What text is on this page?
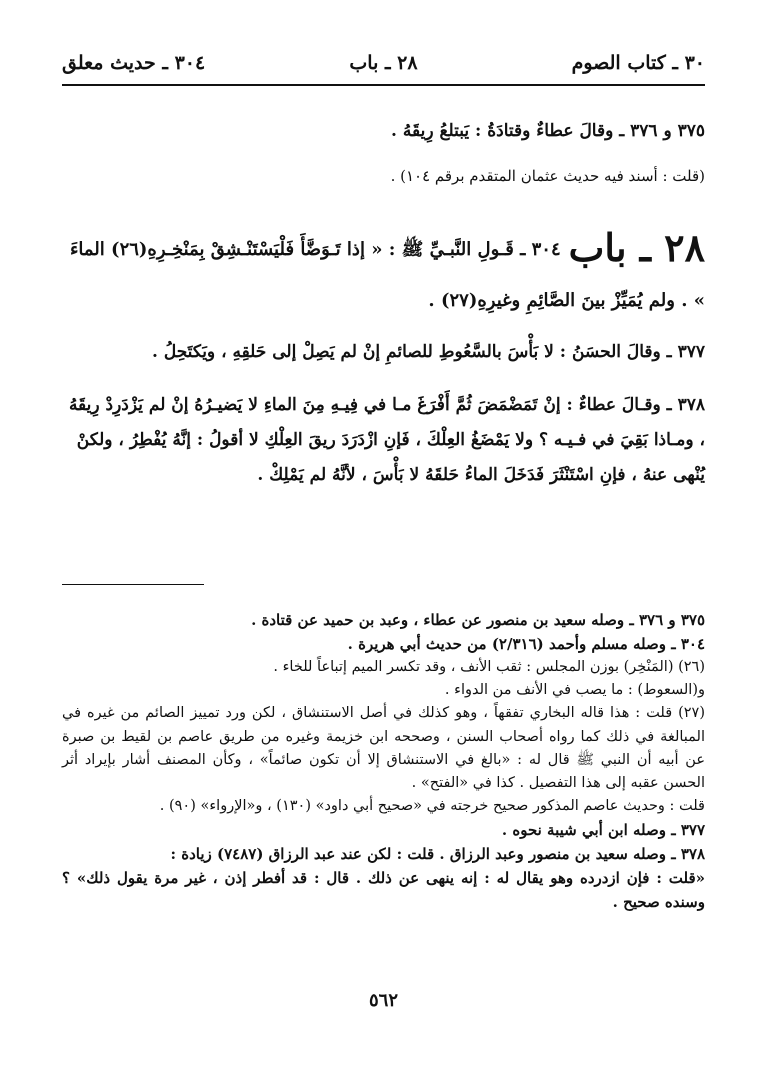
٣٠ ـ كتاب الصوم
٢٨ ـ باب
٣٠٤ ـ حديث معلق

٣٧٥ و ٣٧٦ ـ وقالَ عطاءٌ وقتادَةُ : يَبتلعُ رِيقَهُ .

(قلت : أسند فيه حديث عثمان المتقدم برقم ١٠٤) .

٢٨ ـ باب٣٠٤ ـ قَـولِ النَّبـيِّ ﷺ : « إذا تَـوَضَّأَ فَلْيَسْتَنْـشِقْ بِمَنْخِـرِهِ(٢٦) الماءَ » . ولم يُمَيِّزْ بينَ الصَّائِمِ وغيرِهِ(٢٧) .

٣٧٧ ـ وقالَ الحسَنُ : لا بَأْسَ بالسَّعُوطِ للصائمِ إنْ لم يَصِلْ إلى حَلقِهِ ، ويَكتَحِلُ .

٣٧٨ ـ وقـالَ عطاءٌ : إنْ تَمَضْمَضَ ثُمَّ أَفْرَغَ مـا في فِيـهِ مِنَ الماءِ لا يَضيـرُهُ إنْ لم يَزْدَرِدْ رِيقَهُ ، ومـاذا بَقِيَ في فـيـه ؟ ولا يَمْضَغُ العِلْكَ ، فَإنِ ازْدَرَدَ ريقَ العِلْكِ لا أقولُ : إنَّهُ يُفْطِرُ ، ولكنْ يُنْهى عنهُ ، فإنِ اسْتَنْثَرَ فَدَخَلَ الماءُ حَلقَهُ لا بَأْسَ ، لأنَّهُ لم يَمْلِكْ .

٣٧٥ و ٣٧٦ ـ وصله سعيد بن منصور عن عطاء ، وعبد بن حميد عن قتادة .

٣٠٤ ـ وصله مسلم وأحمد (٢/٣١٦) من حديث أبي هريرة .

(٢٦) (المَنْخِر) بوزن المجلس : ثقب الأنف ، وقد تكسر الميم إتباعاً للخاء .

و(السعوط) : ما يصب في الأنف من الدواء .

(٢٧) قلت : هذا قاله البخاري تفقهاً ، وهو كذلك في أصل الاستنشاق ، لكن ورد تمييز الصائم من غيره في المبالغة في ذلك كما رواه أصحاب السنن ، وصححه ابن خزيمة وغيره من طريق عاصم بن لقيط بن صبرة عن أبيه أن النبي ﷺ قال له : «بالغ في الاستنشاق إلا أن تكون صائماً» ، وكأن المصنف أشار بإيراد أثر الحسن عقبه إلى هذا التفصيل . كذا في «الفتح» .

قلت : وحديث عاصم المذكور صحيح خرجته في «صحيح أبي داود» (١٣٠) ، و«الإرواء» (٩٠) .

٣٧٧ ـ وصله ابن أبي شيبة نحوه .

٣٧٨ ـ وصله سعيد بن منصور وعبد الرزاق . قلت : لكن عند عبد الرزاق (٧٤٨٧) زيادة :

«قلت : فإن ازدرده وهو يقال له : إنه ينهى عن ذلك . قال : قد أفطر إذن ، غير مرة يقول ذلك» ؟ وسنده صحيح .

٥٦٢
